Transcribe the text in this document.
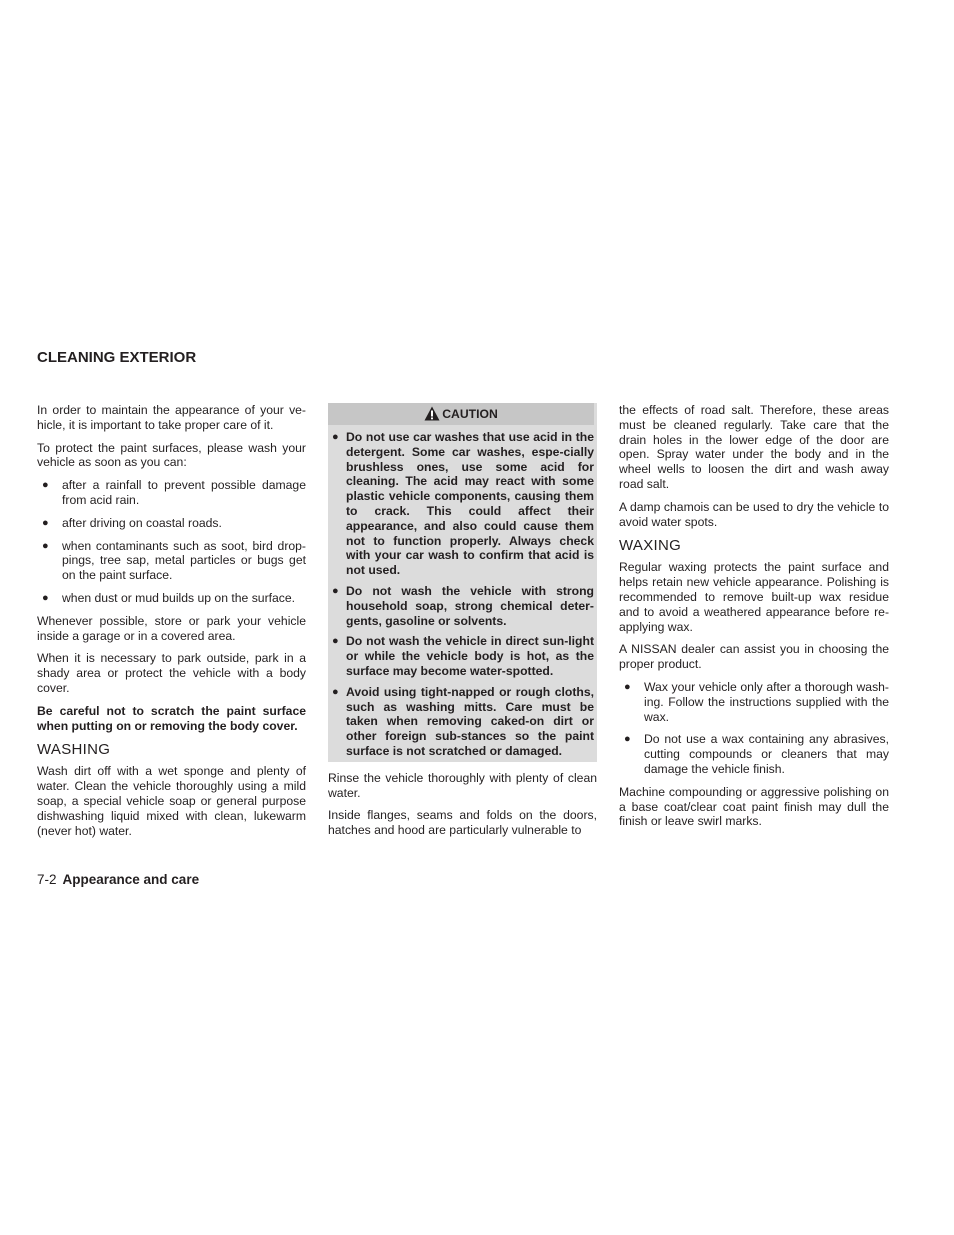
CLEANING EXTERIOR

In order to maintain the appearance of your ve-hicle, it is important to take proper care of it.

To protect the paint surfaces, please wash your vehicle as soon as you can:

● after a rainfall to prevent possible damage from acid rain.
● after driving on coastal roads.
● when contaminants such as soot, bird drop-pings, tree sap, metal particles or bugs get on the paint surface.
● when dust or mud builds up on the surface.

Whenever possible, store or park your vehicle inside a garage or in a covered area.

When it is necessary to park outside, park in a shady area or protect the vehicle with a body cover.

Be careful not to scratch the paint surface when putting on or removing the body cover.

WASHING

Wash dirt off with a wet sponge and plenty of water. Clean the vehicle thoroughly using a mild soap, a special vehicle soap or general purpose dishwashing liquid mixed with clean, lukewarm (never hot) water.

CAUTION
● Do not use car washes that use acid in the detergent. Some car washes, espe-cially brushless ones, use some acid for cleaning. The acid may react with some plastic vehicle components, causing them to crack. This could affect their appearance, and also could cause them not to function properly. Always check with your car wash to confirm that acid is not used.
● Do not wash the vehicle with strong household soap, strong chemical deter-gents, gasoline or solvents.
● Do not wash the vehicle in direct sun-light or while the vehicle body is hot, as the surface may become water-spotted.
● Avoid using tight-napped or rough cloths, such as washing mitts. Care must be taken when removing caked-on dirt or other foreign sub-stances so the paint surface is not scratched or damaged.

Rinse the vehicle thoroughly with plenty of clean water.

Inside flanges, seams and folds on the doors, hatches and hood are particularly vulnerable to

the effects of road salt. Therefore, these areas must be cleaned regularly. Take care that the drain holes in the lower edge of the door are open. Spray water under the body and in the wheel wells to loosen the dirt and wash away road salt.

A damp chamois can be used to dry the vehicle to avoid water spots.

WAXING

Regular waxing protects the paint surface and helps retain new vehicle appearance. Polishing is recommended to remove built-up wax residue and to avoid a weathered appearance before re-applying wax.

A NISSAN dealer can assist you in choosing the proper product.

● Wax your vehicle only after a thorough wash-ing. Follow the instructions supplied with the wax.
● Do not use a wax containing any abrasives, cutting compounds or cleaners that may damage the vehicle finish.

Machine compounding or aggressive polishing on a base coat/clear coat paint finish may dull the finish or leave swirl marks.

7-2 Appearance and care
